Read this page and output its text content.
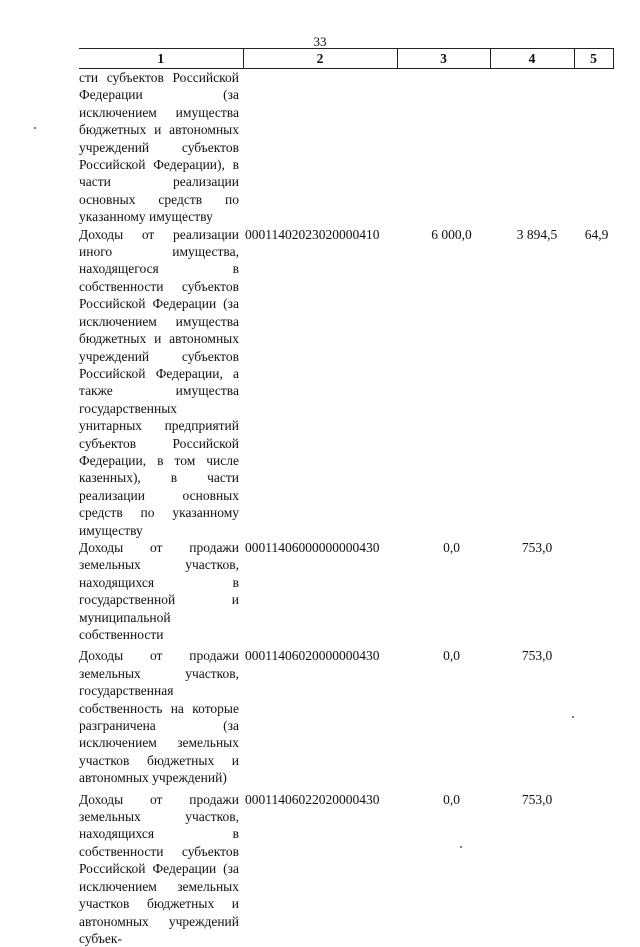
33
1	2	3	4	5
сти субъектов Российской Федерации (за исключением имущества бюджетных и автономных учреждений субъектов Российской Федерации), в части реализации основных средств по указанному имуществу				
Доходы от реализации иного имущества, находящегося в собственности субъектов Российской Федерации (за исключением имущества бюджетных и автономных учреждений субъектов Российской Федерации, а также имущества государственных унитарных предприятий субъектов Российской Федерации, в том числе казенных), в части реализации основных средств по указанному имуществу	00011402023020000410	6 000,0	3 894,5	64,9
Доходы от продажи земельных участков, находящихся в государственной и муниципальной собственности	00011406000000000430	0,0	753,0	
Доходы от продажи земельных участков, государственная собственность на которые разграничена (за исключением земельных участков бюджетных и автономных учреждений)	00011406020000000430	0,0	753,0	
Доходы от продажи земельных участков, находящихся в собственности субъектов Российской Федерации (за исключением земельных участков бюджетных и автономных учреждений субъек-	00011406022020000430	0,0	753,0	
